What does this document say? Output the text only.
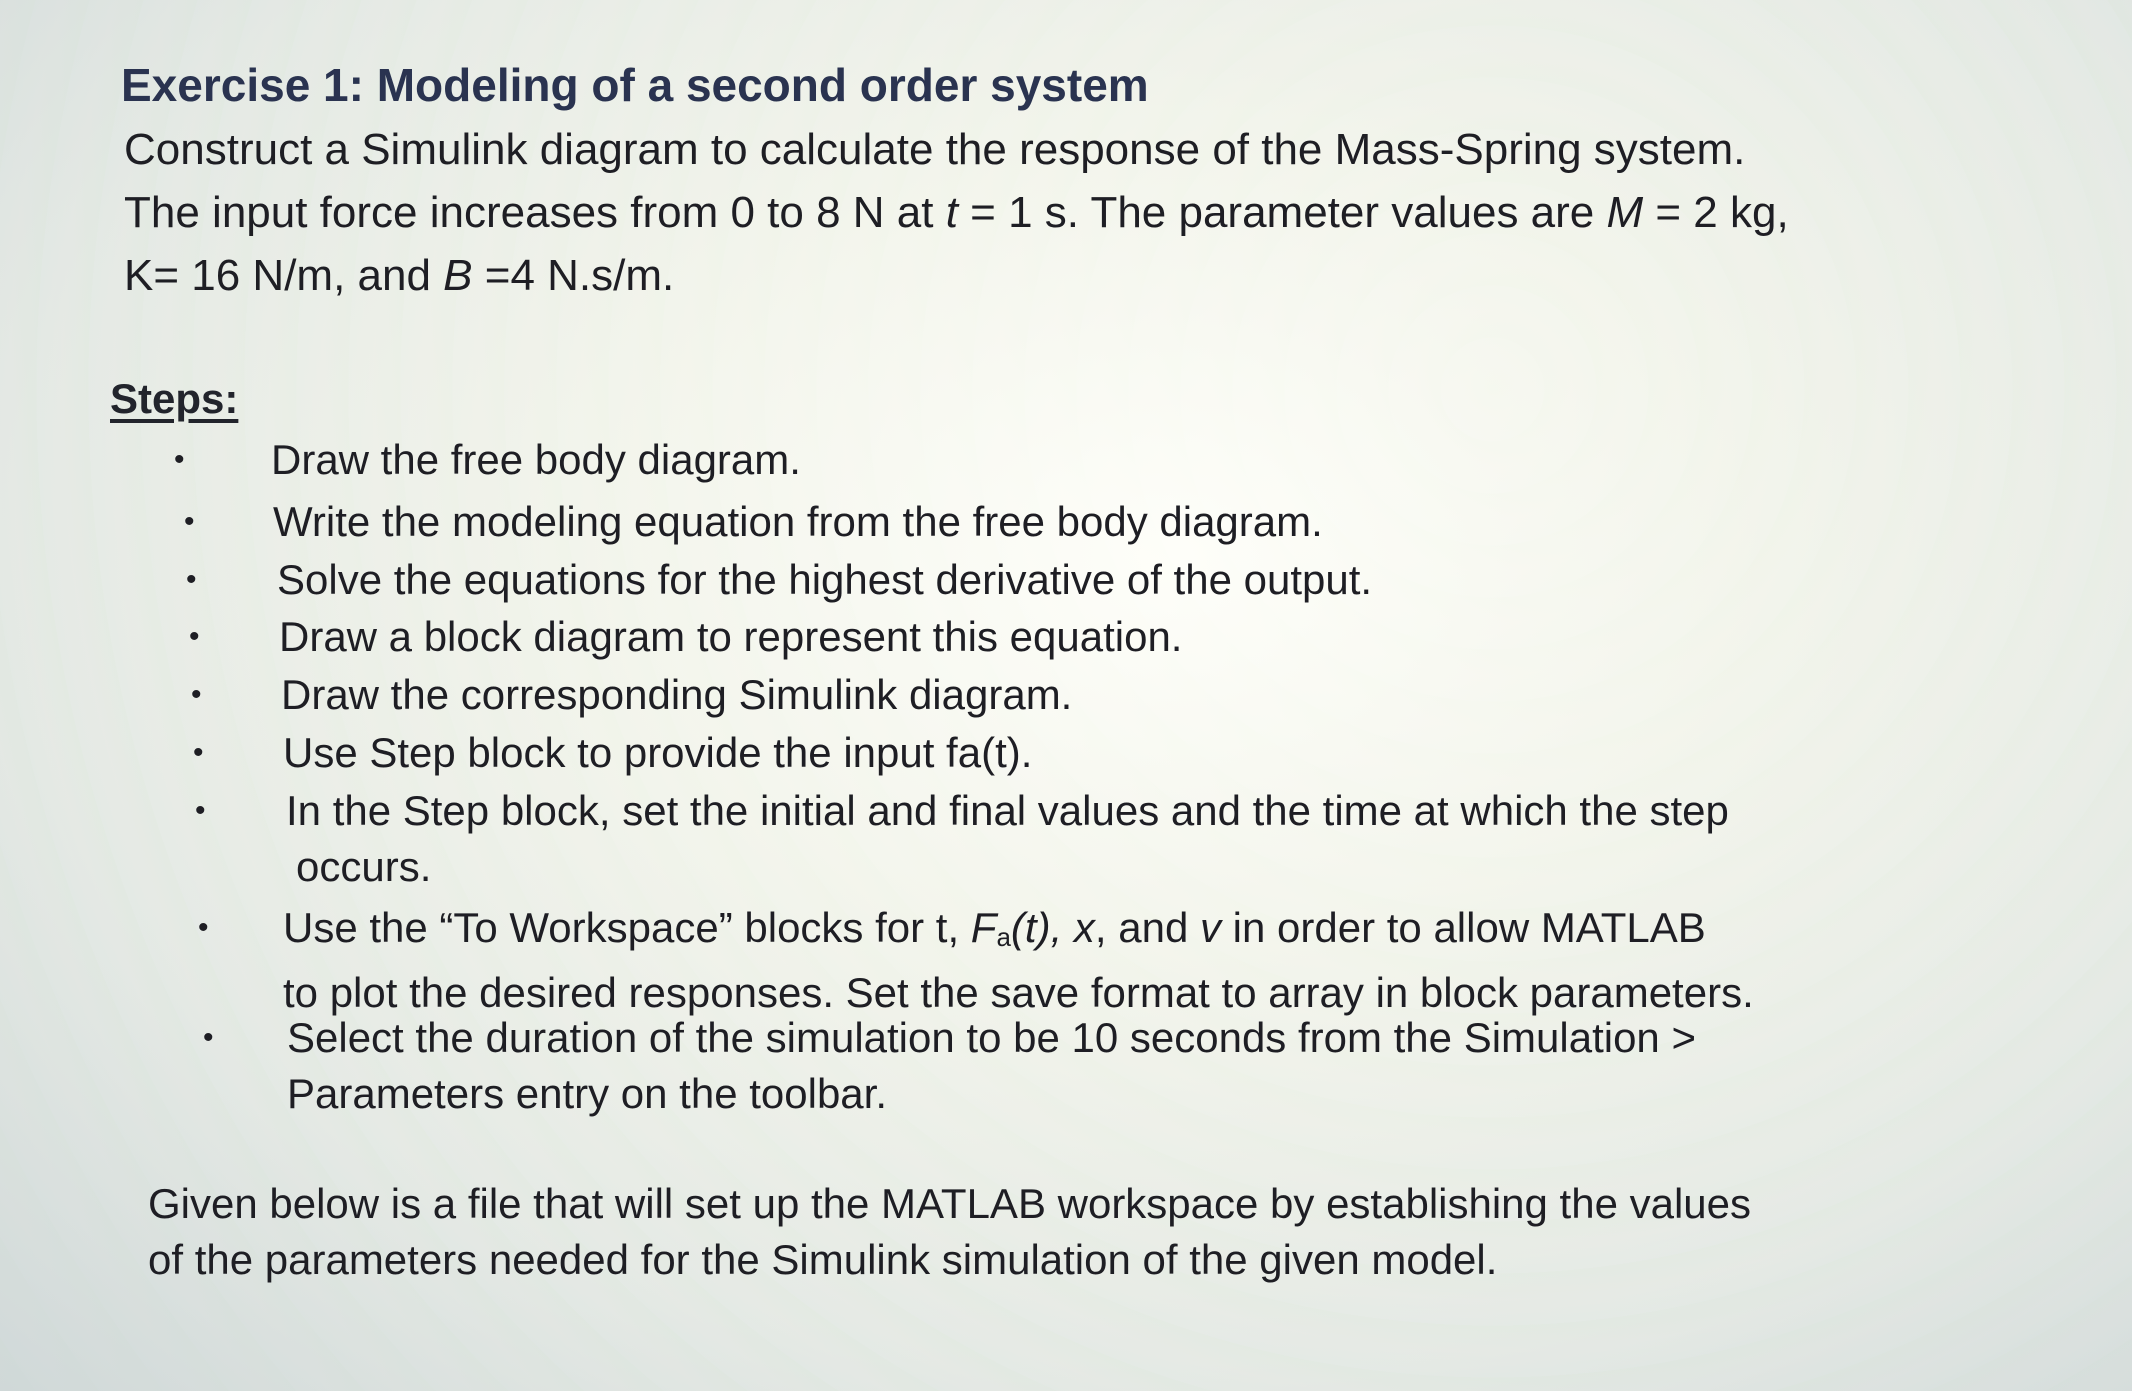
Exercise 1: Modeling of a second order system

Construct a Simulink diagram to calculate the response of the Mass-Spring system.
The input force increases from 0 to 8 N at t = 1 s. The parameter values are M = 2 kg,
K= 16 N/m, and B =4 N.s/m.

Steps:
• Draw the free body diagram.
• Write the modeling equation from the free body diagram.
• Solve the equations for the highest derivative of the output.
• Draw a block diagram to represent this equation.
• Draw the corresponding Simulink diagram.
• Use Step block to provide the input fa(t).
• In the Step block, set the initial and final values and the time at which the step
occurs.
• Use the “To Workspace” blocks for t, $F_a(t)$, x, and v in order to allow MATLAB
to plot the desired responses. Set the save format to array in block parameters.
• Select the duration of the simulation to be 10 seconds from the Simulation >
Parameters entry on the toolbar.

Given below is a file that will set up the MATLAB workspace by establishing the values
of the parameters needed for the Simulink simulation of the given model.
